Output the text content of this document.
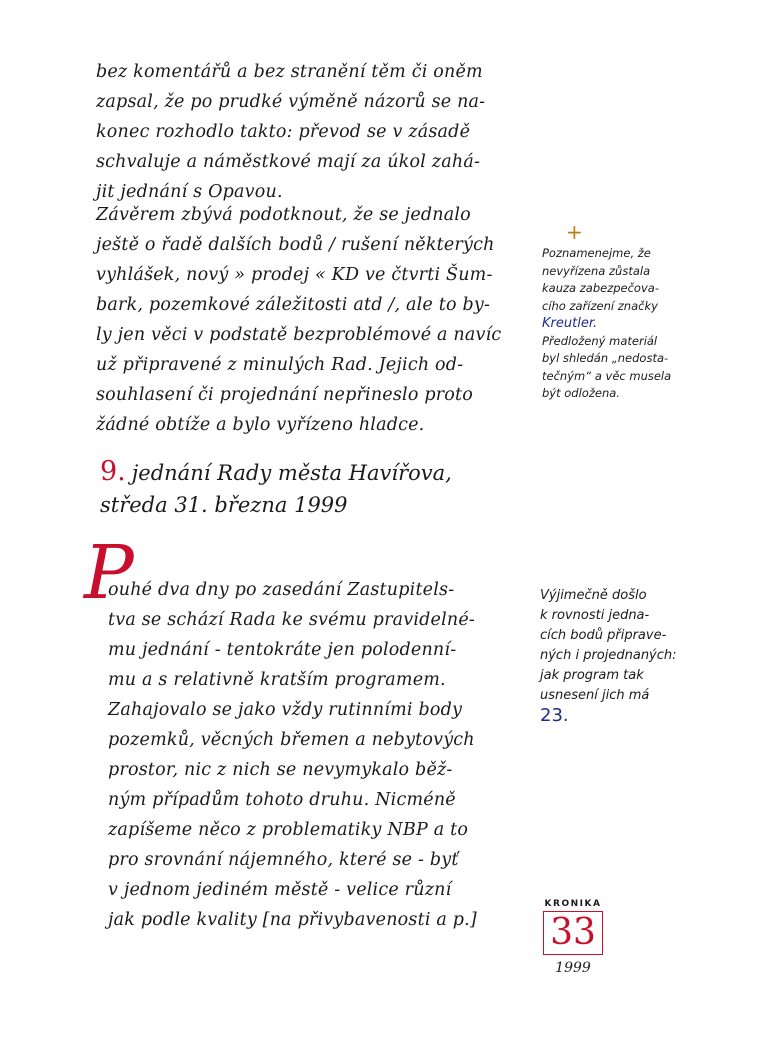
bez komentářů a bez stranění těm či oněm
zapsal, že po prudké výměně názorů se na-
konec rozhodlo takto: převod se v zásadě
schvaluje a náměstkové mají za úkol zahá-
jit jednání s Opavou.
Závěrem zbývá podotknout, že se jednalo
ještě o řadě dalších bodů / rušení některých
vyhlášek, nový » prodej « KD ve čtvrti Šum-
bark, pozemkové záležitosti atd /, ale to by-
ly jen věci v podstatě bezproblémové a navíc
už připravené z minulých Rad. Jejich od-
souhlasení či projednání nepřineslo proto
žádné obtíže a bylo vyřízeno hladce.
+
Poznamenejme, že
nevyřízena zůstala
kauza zabezpečova-
cího zařízení značky
Kreutler.
Předložený materiál
byl shledán „nedosta-
tečným“ a věc musela
být odložena.
9. jednání Rady města Havířova,
středa 31. března 1999
P
ouhé dva dny po zasedání Zastupitels-
tva se schází Rada ke svému pravidelné-
mu jednání - tentokráte jen polodenní-
mu a s relativně kratším programem.
Zahajovalo se jako vždy rutinními body
pozemků, věcných břemen a nebytových
prostor, nic z nich se nevymykalo běž-
ným případům tohoto druhu. Nicméně
zapíšeme něco z problematiky NBP a to
pro srovnání nájemného, které se - byť
v jednom jediném městě - velice různí
jak podle kvality [na přivybavenosti a p.]
Výjimečně došlo
k rovnosti jedna-
cích bodů připrave-
ných i projednaných:
jak program tak
usnesení jich má
23.
KRONIKA
33
1999
